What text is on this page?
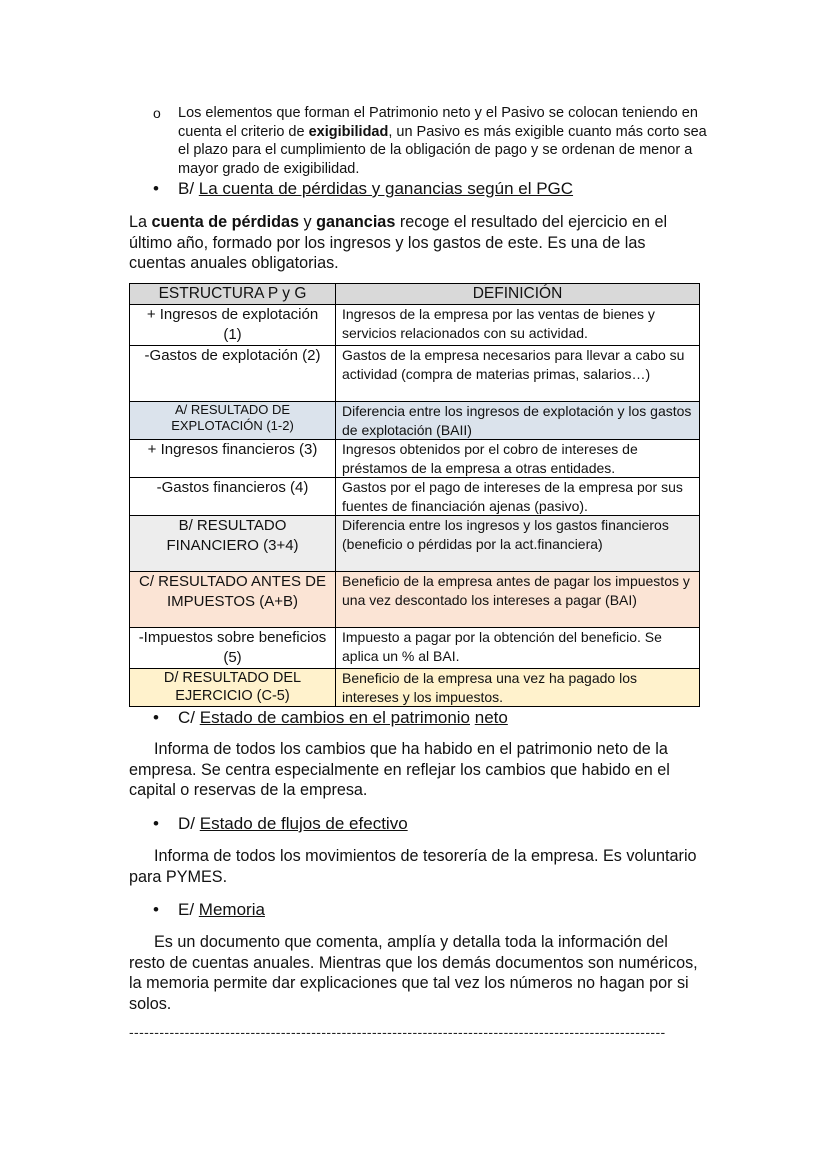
o Los elementos que forman el Patrimonio neto y el Pasivo se colocan teniendo en cuenta el criterio de exigibilidad, un Pasivo es más exigible cuanto más corto sea el plazo para el cumplimiento de la obligación de pago y se ordenan de menor a mayor grado de exigibilidad.
• B/ La cuenta de pérdidas y ganancias según el PGC
La cuenta de pérdidas y ganancias recoge el resultado del ejercicio en el último año, formado por los ingresos y los gastos de este. Es una de las cuentas anuales obligatorias.
ESTRUCTURA P y G	DEFINICIÓN
+ Ingresos de explotación (1)	Ingresos de la empresa por las ventas de bienes y servicios relacionados con su actividad.
-Gastos de explotación (2)	Gastos de la empresa necesarios para llevar a cabo su actividad (compra de materias primas, salarios…)
A/ RESULTADO DE EXPLOTACIÓN (1-2)	Diferencia entre los ingresos de explotación y los gastos de explotación (BAII)
+ Ingresos financieros (3)	Ingresos obtenidos por el cobro de intereses de préstamos de la empresa a otras entidades.
-Gastos financieros (4)	Gastos por el pago de intereses de la empresa por sus fuentes de financiación ajenas (pasivo).
B/ RESULTADO FINANCIERO (3+4)	Diferencia entre los ingresos y los gastos financieros (beneficio o pérdidas por la act.financiera)
C/ RESULTADO ANTES DE IMPUESTOS (A+B)	Beneficio de la empresa antes de pagar los impuestos y una vez descontado los intereses a pagar (BAI)
-Impuestos sobre beneficios (5)	Impuesto a pagar por la obtención del beneficio. Se aplica un % al BAI.
D/ RESULTADO DEL EJERCICIO (C-5)	Beneficio de la empresa una vez ha pagado los intereses y los impuestos.
• C/ Estado de cambios en el patrimonio neto
Informa de todos los cambios que ha habido en el patrimonio neto de la empresa. Se centra especialmente en reflejar los cambios que habido en el capital o reservas de la empresa.
• D/ Estado de flujos de efectivo
Informa de todos los movimientos de tesorería de la empresa. Es voluntario para PYMES.
• E/ Memoria
Es un documento que comenta, amplía y detalla toda la información del resto de cuentas anuales. Mientras que los demás documentos son numéricos, la memoria permite dar explicaciones que tal vez los números no hagan por si solos.
----------------------------------------------------------------------------------------------------------
